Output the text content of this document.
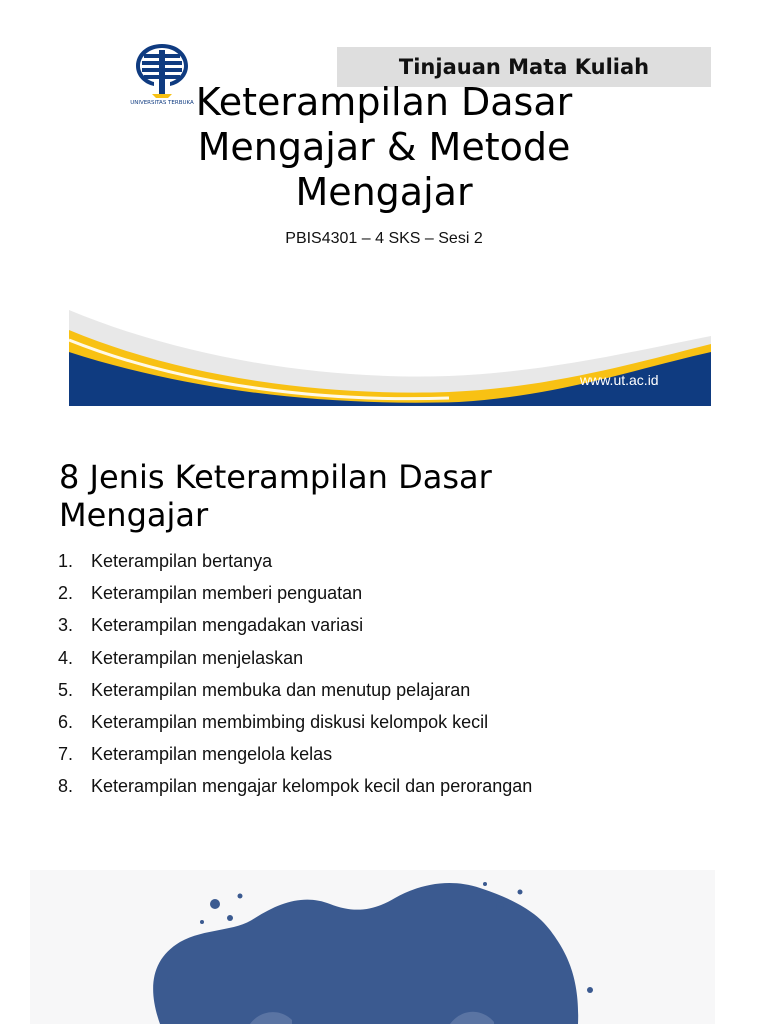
UNIVERSITAS TERBUKA
Tinjauan Mata Kuliah
Keterampilan Dasar
Mengajar & Metode
Mengajar
PBIS4301 – 4 SKS – Sesi 2
www.ut.ac.id
8 Jenis Keterampilan Dasar
Mengajar
1. Keterampilan bertanya
2. Keterampilan memberi penguatan
3. Keterampilan mengadakan variasi
4. Keterampilan menjelaskan
5. Keterampilan membuka dan menutup pelajaran
6. Keterampilan membimbing diskusi kelompok kecil
7. Keterampilan mengelola kelas
8. Keterampilan mengajar kelompok kecil dan perorangan
